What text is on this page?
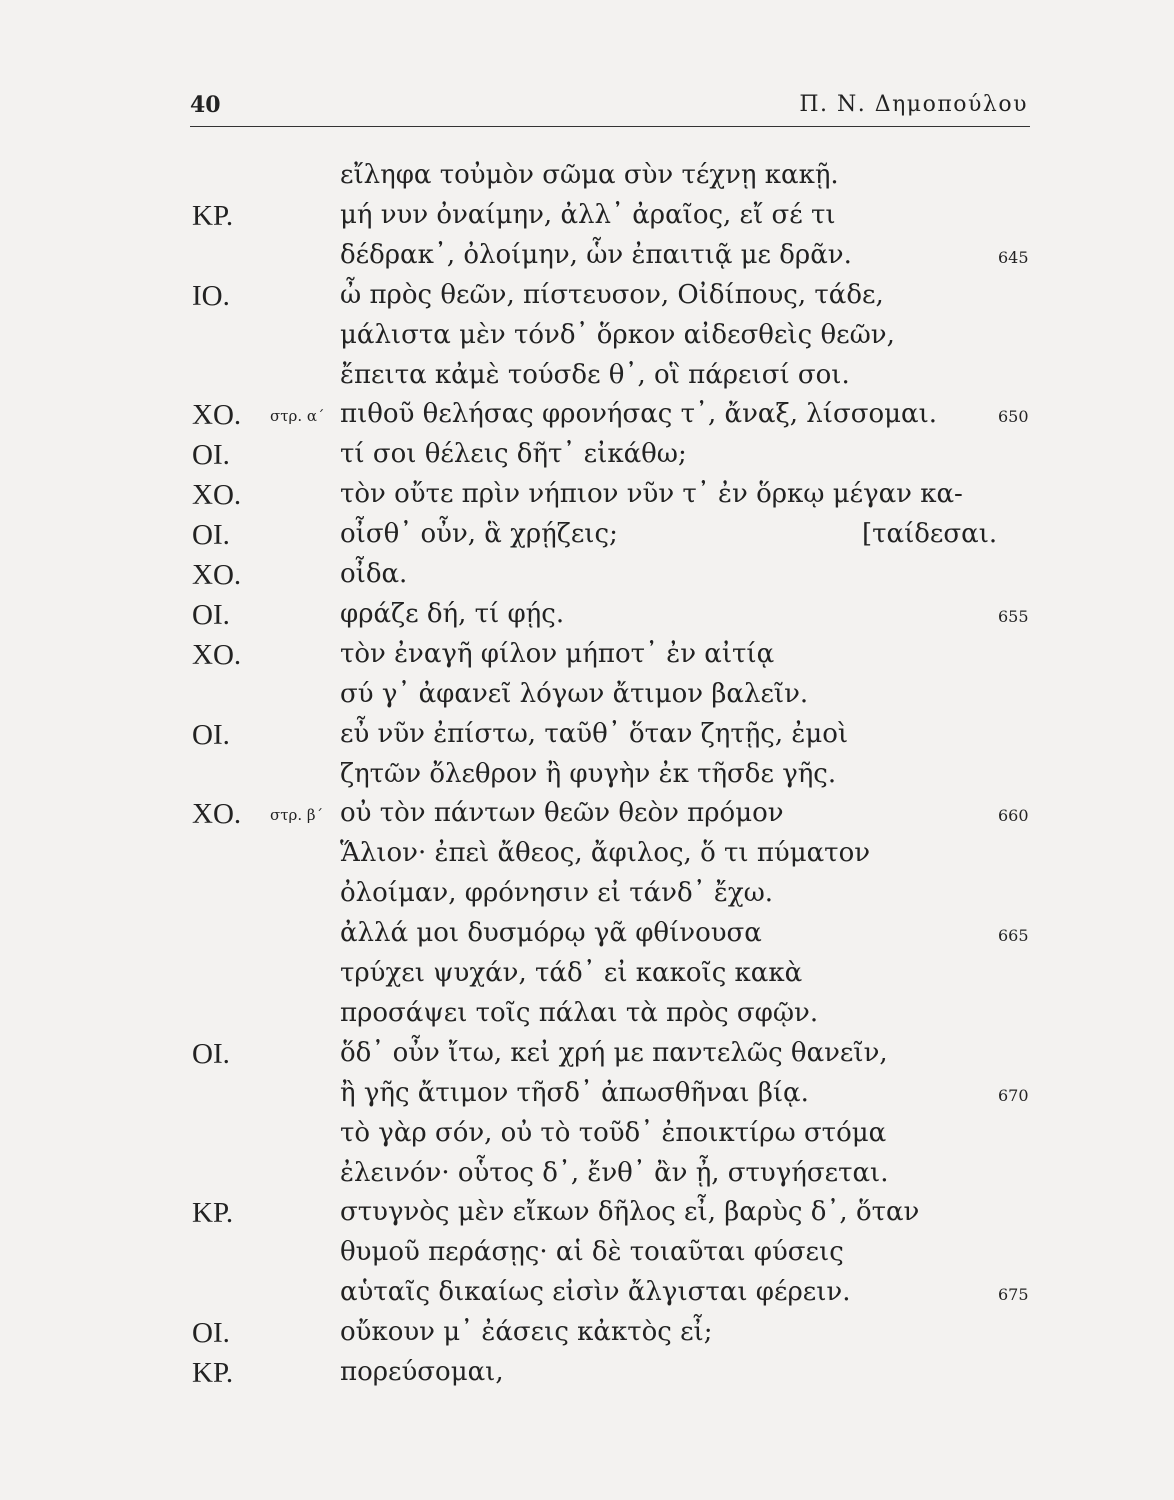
40	Π. Ν. Δημοπούλου
εἴληφα τοὐμὸν σῶμα σὺν τέχνῃ κακῇ.
ΚΡ.	μή νυν ὀναίμην, ἀλλ᾽ ἀραῖος, εἴ σέ τι
δέδρακ᾽, ὀλοίμην, ὧν ἐπαιτιᾷ με δρᾶν.	645
ΙΟ.	ὦ πρὸς θεῶν, πίστευσον, Οἰδίπους, τάδε,
μάλιστα μὲν τόνδ᾽ ὅρκον αἰδεσθεὶς θεῶν,
ἔπειτα κἀμὲ τούσδε θ᾽, οἳ πάρεισί σοι.
ΧΟ. στρ. α΄ πιθοῦ θελήσας φρονήσας τ᾽, ἄναξ, λίσσομαι.	650
ΟΙ.	τί σοι θέλεις δῆτ᾽ εἰκάθω;
ΧΟ.	τὸν οὔτε πρὶν νήπιον νῦν τ᾽ ἐν ὅρκῳ μέγαν κα-
ΟΙ.	οἶσθ᾽ οὖν, ἃ χρῄζεις;	[ταίδεσαι.
ΧΟ.	οἶδα.
ΟΙ.	φράζε δή, τί φῄς.	655
ΧΟ.	τὸν ἐναγῆ φίλον μήποτ᾽ ἐν αἰτίᾳ
σύ γ᾽ ἀφανεῖ λόγων ἄτιμον βαλεῖν.
ΟΙ.	εὖ νῦν ἐπίστω, ταῦθ᾽ ὅταν ζητῇς, ἐμοὶ
ζητῶν ὄλεθρον ἢ φυγὴν ἐκ τῆσδε γῆς.
ΧΟ. στρ. β΄ οὐ τὸν πάντων θεῶν θεὸν πρόμον	660
Ἅλιον· ἐπεὶ ἄθεος, ἄφιλος, ὅ τι πύματον
ὀλοίμαν, φρόνησιν εἰ τάνδ᾽ ἔχω.
ἀλλά μοι δυσμόρῳ γᾶ φθίνουσα	665
τρύχει ψυχάν, τάδ᾽ εἰ κακοῖς κακὰ
προσάψει τοῖς πάλαι τὰ πρὸς σφῷν.
ΟΙ.	ὅδ᾽ οὖν ἴτω, κεἰ χρή με παντελῶς θανεῖν,
ἢ γῆς ἄτιμον τῆσδ᾽ ἀπωσθῆναι βίᾳ.	670
τὸ γὰρ σόν, οὐ τὸ τοῦδ᾽ ἐποικτίρω στόμα
ἐλεινόν· οὗτος δ᾽, ἔνθ᾽ ἂν ᾖ, στυγήσεται.
ΚΡ.	στυγνὸς μὲν εἴκων δῆλος εἶ, βαρὺς δ᾽, ὅταν
θυμοῦ περάσῃς· αἱ δὲ τοιαῦται φύσεις
αὑταῖς δικαίως εἰσὶν ἄλγισται φέρειν.	675
ΟΙ.	οὔκουν μ᾽ ἐάσεις κἀκτὸς εἶ;
ΚΡ.	πορεύσομαι,
